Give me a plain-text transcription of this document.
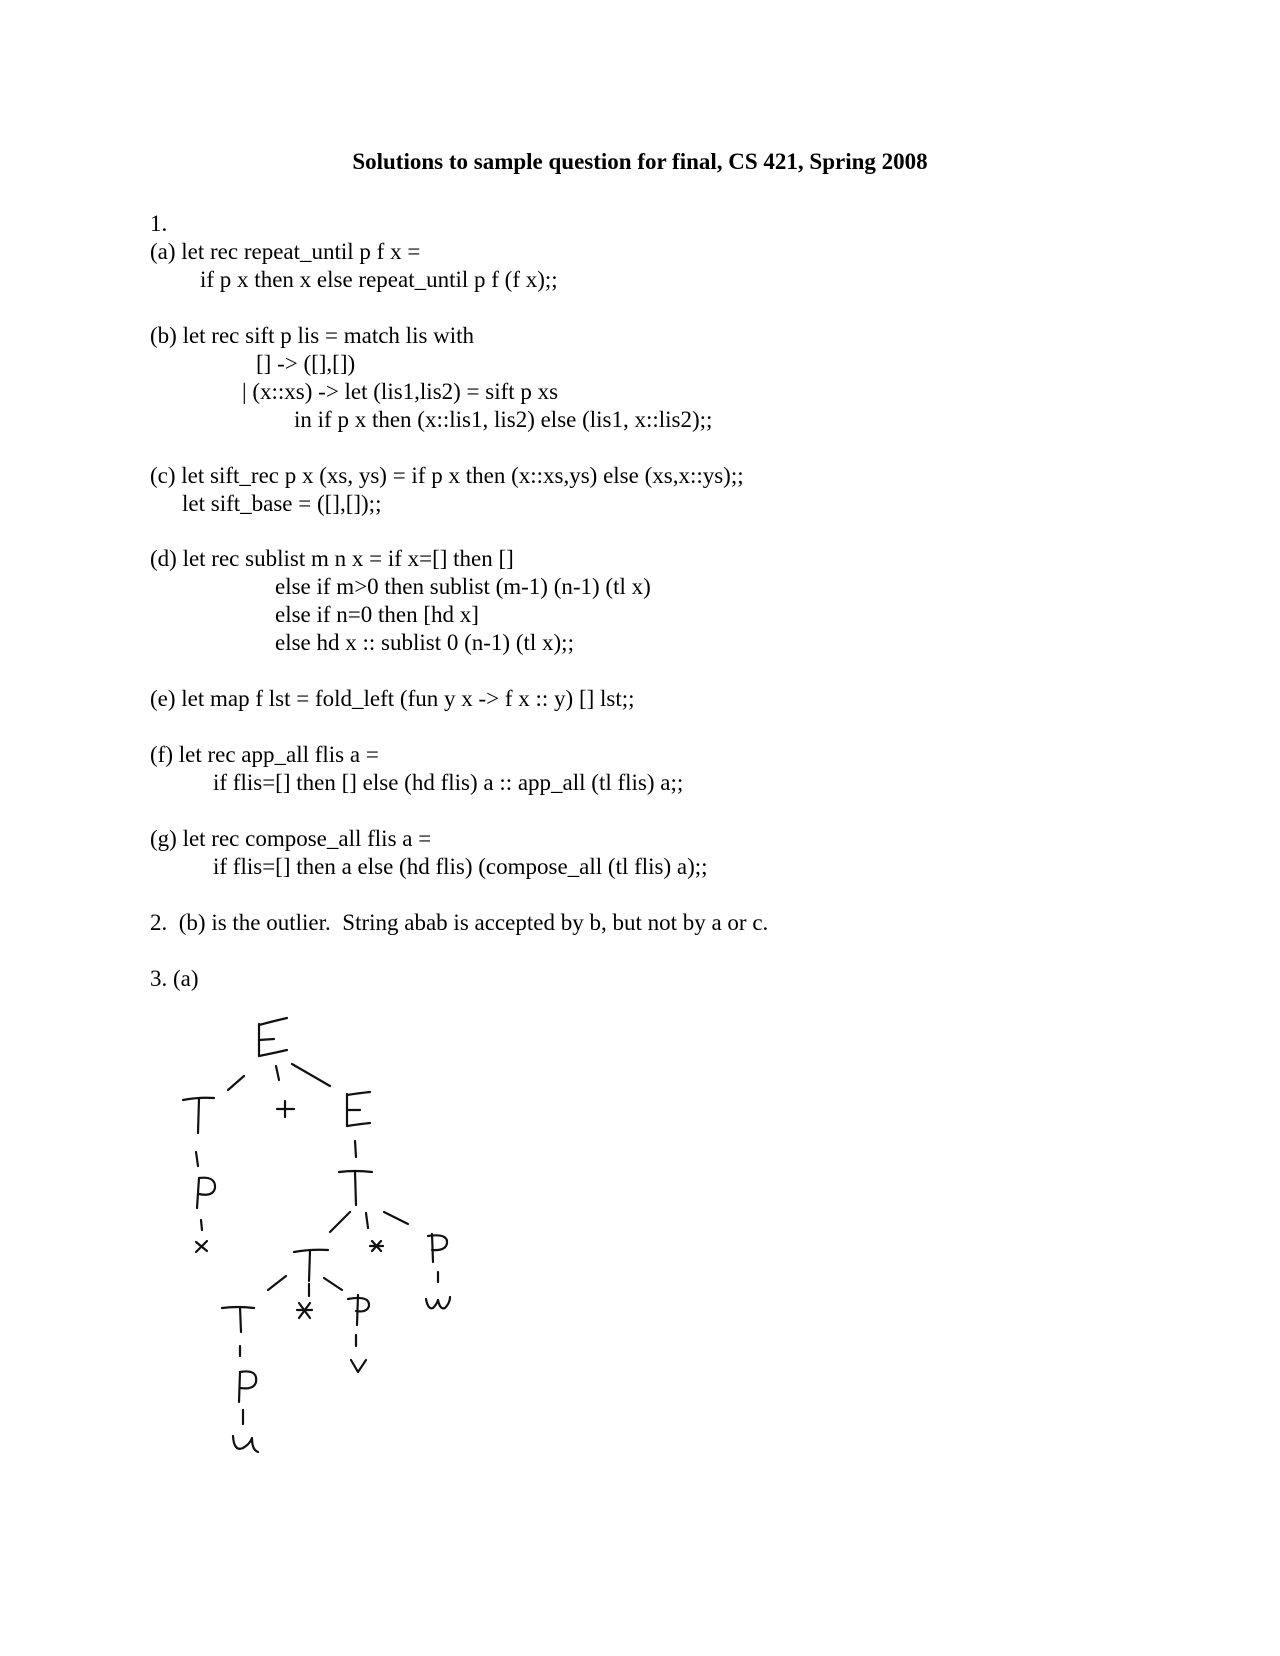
Solutions to sample question for final, CS 421, Spring 2008
1.
(a) let rec repeat_until p f x =
if p x then x else repeat_until p f (f x);;
(b) let rec sift p lis = match lis with
[] -> ([],[])
| (x::xs) -> let (lis1,lis2) = sift p xs
in if p x then (x::lis1, lis2) else (lis1, x::lis2);;
(c) let sift_rec p x (xs, ys) = if p x then (x::xs,ys) else (xs,x::ys);;
let sift_base = ([],[]);;
(d) let rec sublist m n x = if x=[] then []
else if m>0 then sublist (m-1) (n-1) (tl x)
else if n=0 then [hd x]
else hd x :: sublist 0 (n-1) (tl x);;
(e) let map f lst = fold_left (fun y x -> f x :: y) [] lst;;
(f) let rec app_all flis a =
if flis=[] then [] else (hd flis) a :: app_all (tl flis) a;;
(g) let rec compose_all flis a =
if flis=[] then a else (hd flis) (compose_all (tl flis) a);;
2.  (b) is the outlier.  String abab is accepted by b, but not by a or c.
3. (a)
